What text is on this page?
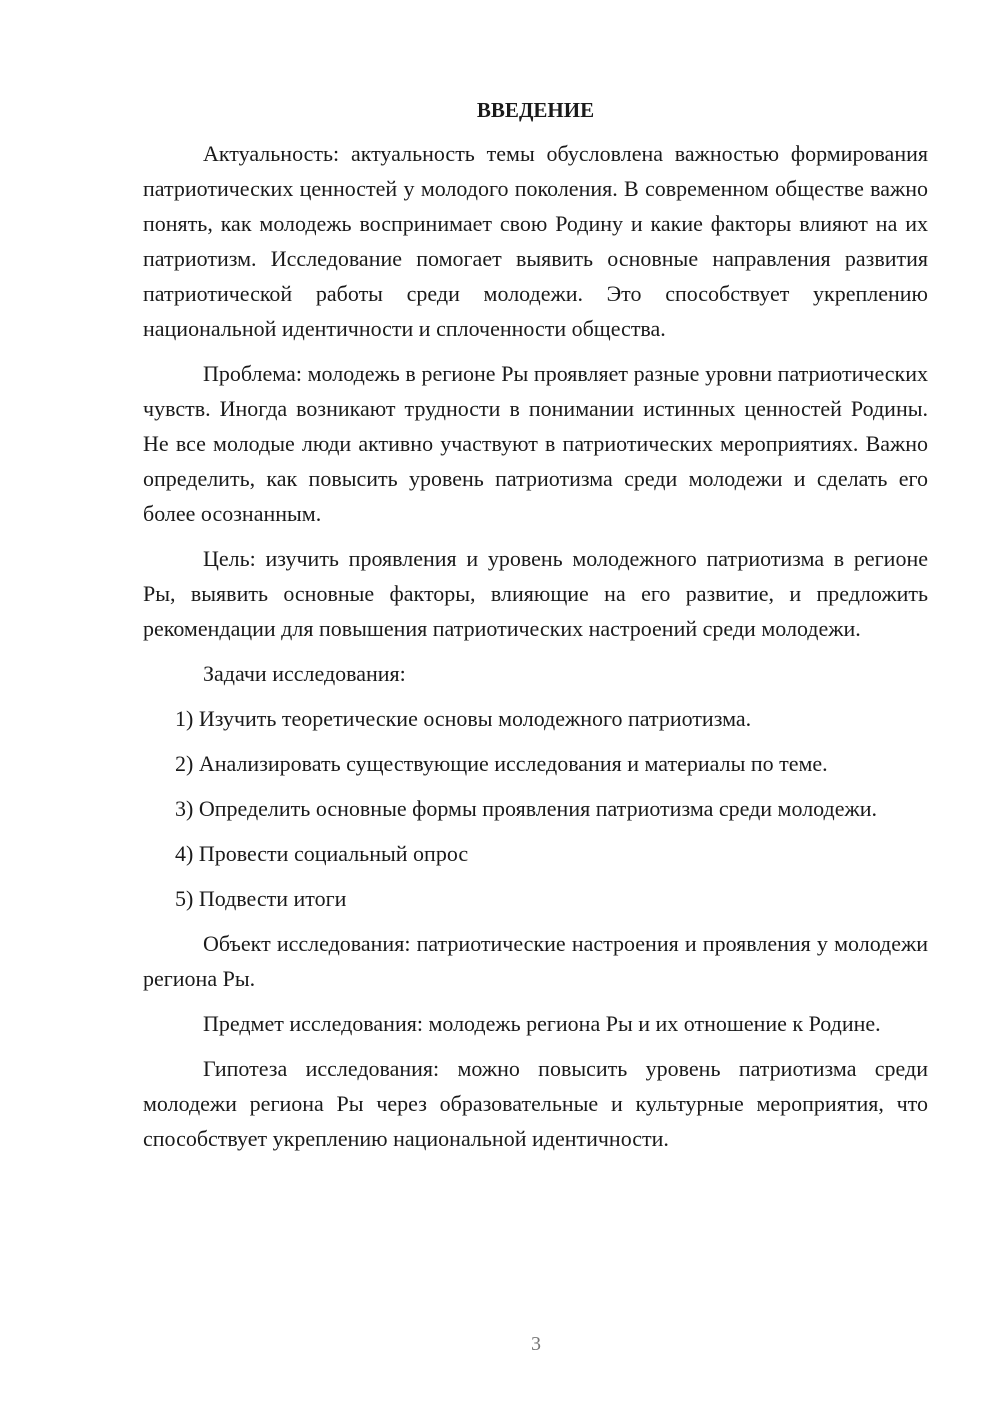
ВВЕДЕНИЕ

Актуальность: актуальность темы обусловлена важностью формирования патриотических ценностей у молодого поколения. В современном обществе важно понять, как молодежь воспринимает свою Родину и какие факторы влияют на их патриотизм. Исследование помогает выявить основные направления развития патриотической работы среди молодежи. Это способствует укреплению национальной идентичности и сплоченности общества.

Проблема: молодежь в регионе Ры проявляет разные уровни патриотических чувств. Иногда возникают трудности в понимании истинных ценностей Родины. Не все молодые люди активно участвуют в патриотических мероприятиях. Важно определить, как повысить уровень патриотизма среди молодежи и сделать его более осознанным.

Цель: изучить проявления и уровень молодежного патриотизма в регионе Ры, выявить основные факторы, влияющие на его развитие, и предложить рекомендации для повышения патриотических настроений среди молодежи.

Задачи исследования:

1) Изучить теоретические основы молодежного патриотизма.

2) Анализировать существующие исследования и материалы по теме.

3) Определить основные формы проявления патриотизма среди молодежи.

4) Провести социальный опрос

5) Подвести итоги

Объект исследования: патриотические настроения и проявления у молодежи региона Ры.

Предмет исследования: молодежь региона Ры и их отношение к Родине.

Гипотеза исследования: можно повысить уровень патриотизма среди молодежи региона Ры через образовательные и культурные мероприятия, что способствует укреплению национальной идентичности.

3
